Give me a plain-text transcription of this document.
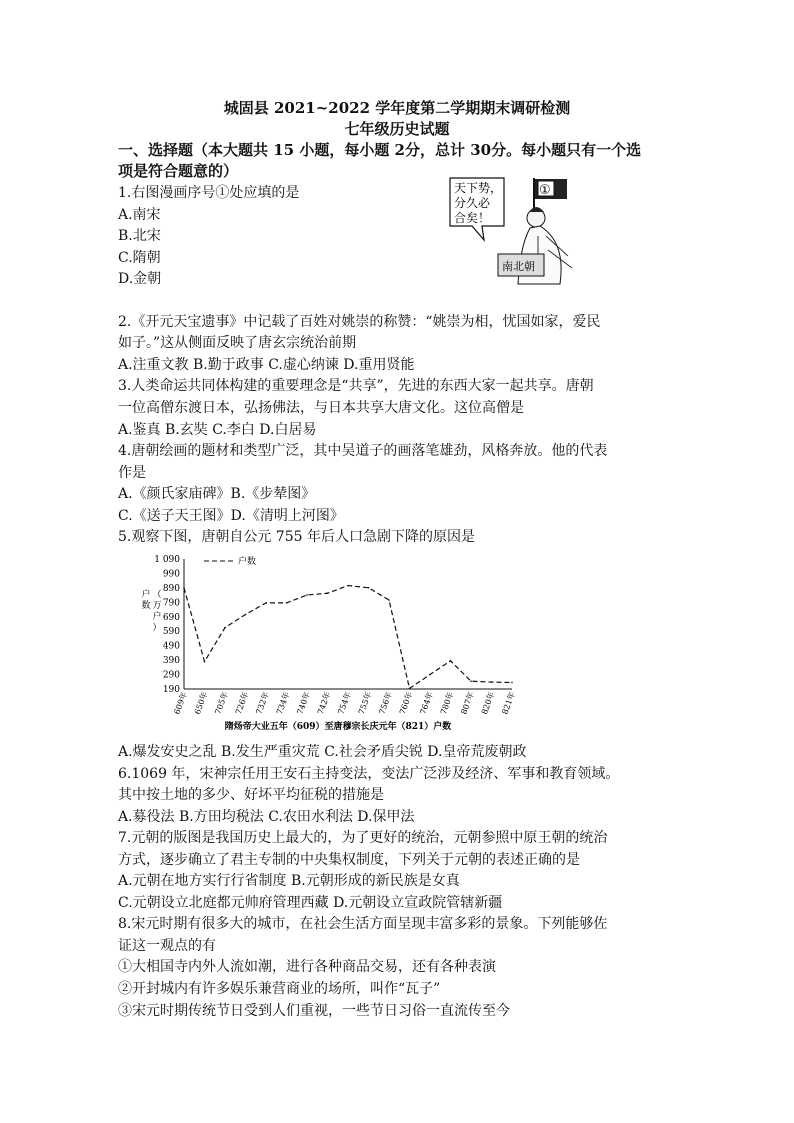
城固县 2021~2022 学年度第二学期期末调研检测
七年级历史试题
一、选择题（本大题共 15 小题，每小题 2分，总计 30分。每小题只有一个选
项是符合题意的）
1.右图漫画序号①处应填的是
A.南宋
B.北宋
C.隋朝
D.金朝
天下势，
分久必
合矣！
①
南北朝
2.《开元天宝遗事》中记载了百姓对姚崇的称赞：“姚崇为相，忧国如家，爱民
如子。”这从侧面反映了唐玄宗统治前期
A.注重文教 B.勤于政事 C.虚心纳谏 D.重用贤能
3.人类命运共同体构建的重要理念是“共享”，先进的东西大家一起共享。唐朝
一位高僧东渡日本，弘扬佛法，与日本共享大唐文化。这位高僧是
A.鉴真 B.玄奘 C.李白 D.白居易
4.唐朝绘画的题材和类型广泛，其中吴道子的画落笔雄劲，风格奔放。他的代表
作是
A.《颜氏家庙碑》B.《步辇图》
C.《送子天王图》D.《清明上河图》
5.观察下图，唐朝自公元 755 年后人口急剧下降的原因是
190
290
390
490
590
690
790
890
990
1 090
609年 650年 705年 726年 732年 734年 740年 742年 754年 755年 756年 760年 764年 780年 807年 820年 821年
户
数
（
万
户
）
隋炀帝大业五年（609）至唐穆宗长庆元年（821）户数
户数
A.爆发安史之乱 B.发生严重灾荒 C.社会矛盾尖锐 D.皇帝荒废朝政
6.1069 年，宋神宗任用王安石主持变法，变法广泛涉及经济、军事和教育领域。
其中按土地的多少、好坏平均征税的措施是
A.募役法 B.方田均税法 C.农田水利法 D.保甲法
7.元朝的版图是我国历史上最大的，为了更好的统治，元朝参照中原王朝的统治
方式，逐步确立了君主专制的中央集权制度，下列关于元朝的表述正确的是
A.元朝在地方实行行省制度 B.元朝形成的新民族是女真
C.元朝设立北庭都元帅府管理西藏 D.元朝设立宣政院管辖新疆
8.宋元时期有很多大的城市，在社会生活方面呈现丰富多彩的景象。下列能够佐
证这一观点的有
①大相国寺内外人流如潮，进行各种商品交易，还有各种表演
②开封城内有许多娱乐兼营商业的场所，叫作“瓦子”
③宋元时期传统节日受到人们重视，一些节日习俗一直流传至今
